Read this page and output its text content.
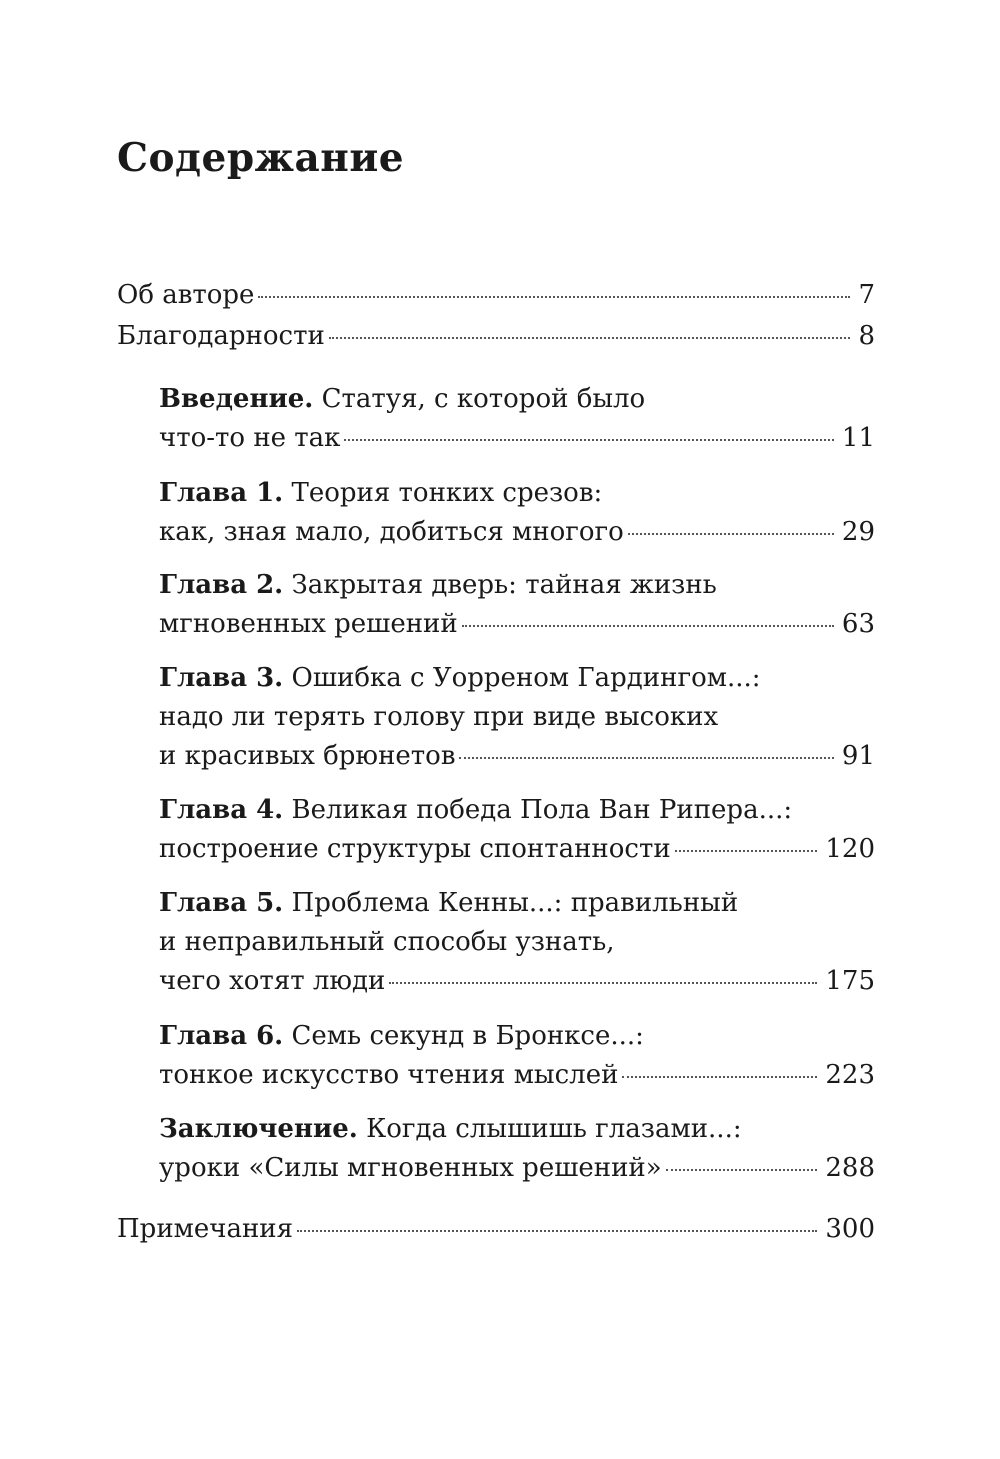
Содержание
Об авторе	7
Благодарности	8
Введение. Статуя, с которой было
что-то не так	11
Глава 1. Теория тонких срезов:
как, зная мало, добиться многого	29
Глава 2. Закрытая дверь: тайная жизнь
мгновенных решений	63
Глава 3. Ошибка с Уорреном Гардингом...:
надо ли терять голову при виде высоких
и красивых брюнетов	91
Глава 4. Великая победа Пола Ван Рипера...:
построение структуры спонтанности	120
Глава 5. Проблема Кенны...: правильный
и неправильный способы узнать,
чего хотят люди	175
Глава 6. Семь секунд в Бронксе...:
тонкое искусство чтения мыслей	223
Заключение. Когда слышишь глазами...:
уроки «Силы мгновенных решений»	288
Примечания	300
